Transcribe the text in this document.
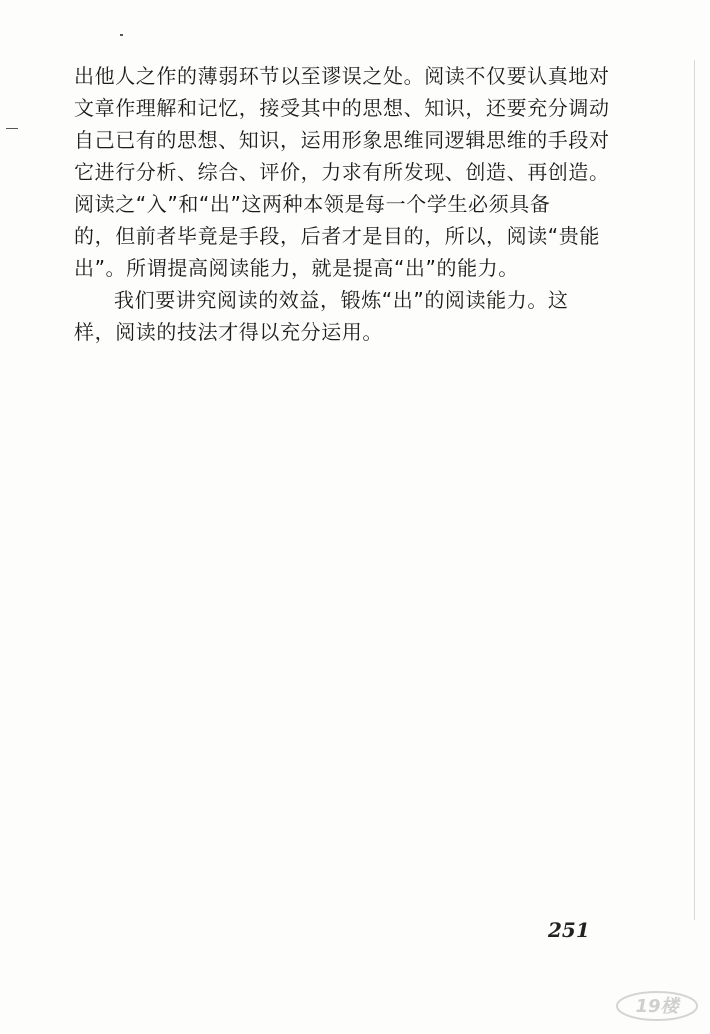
出他人之作的薄弱环节以至谬误之处。阅读不仅要认真地对
文章作理解和记忆，接受其中的思想、知识，还要充分调动
自己已有的思想、知识，运用形象思维同逻辑思维的手段对
它进行分析、综合、评价，力求有所发现、创造、再创造。
阅读之“入”和“出”这两种本领是每一个学生必须具备
的，但前者毕竟是手段，后者才是目的，所以，阅读“贵能
出”。所谓提高阅读能力，就是提高“出”的能力。
我们要讲究阅读的效益，锻炼“出”的阅读能力。这
样，阅读的技法才得以充分运用。
251
19楼
